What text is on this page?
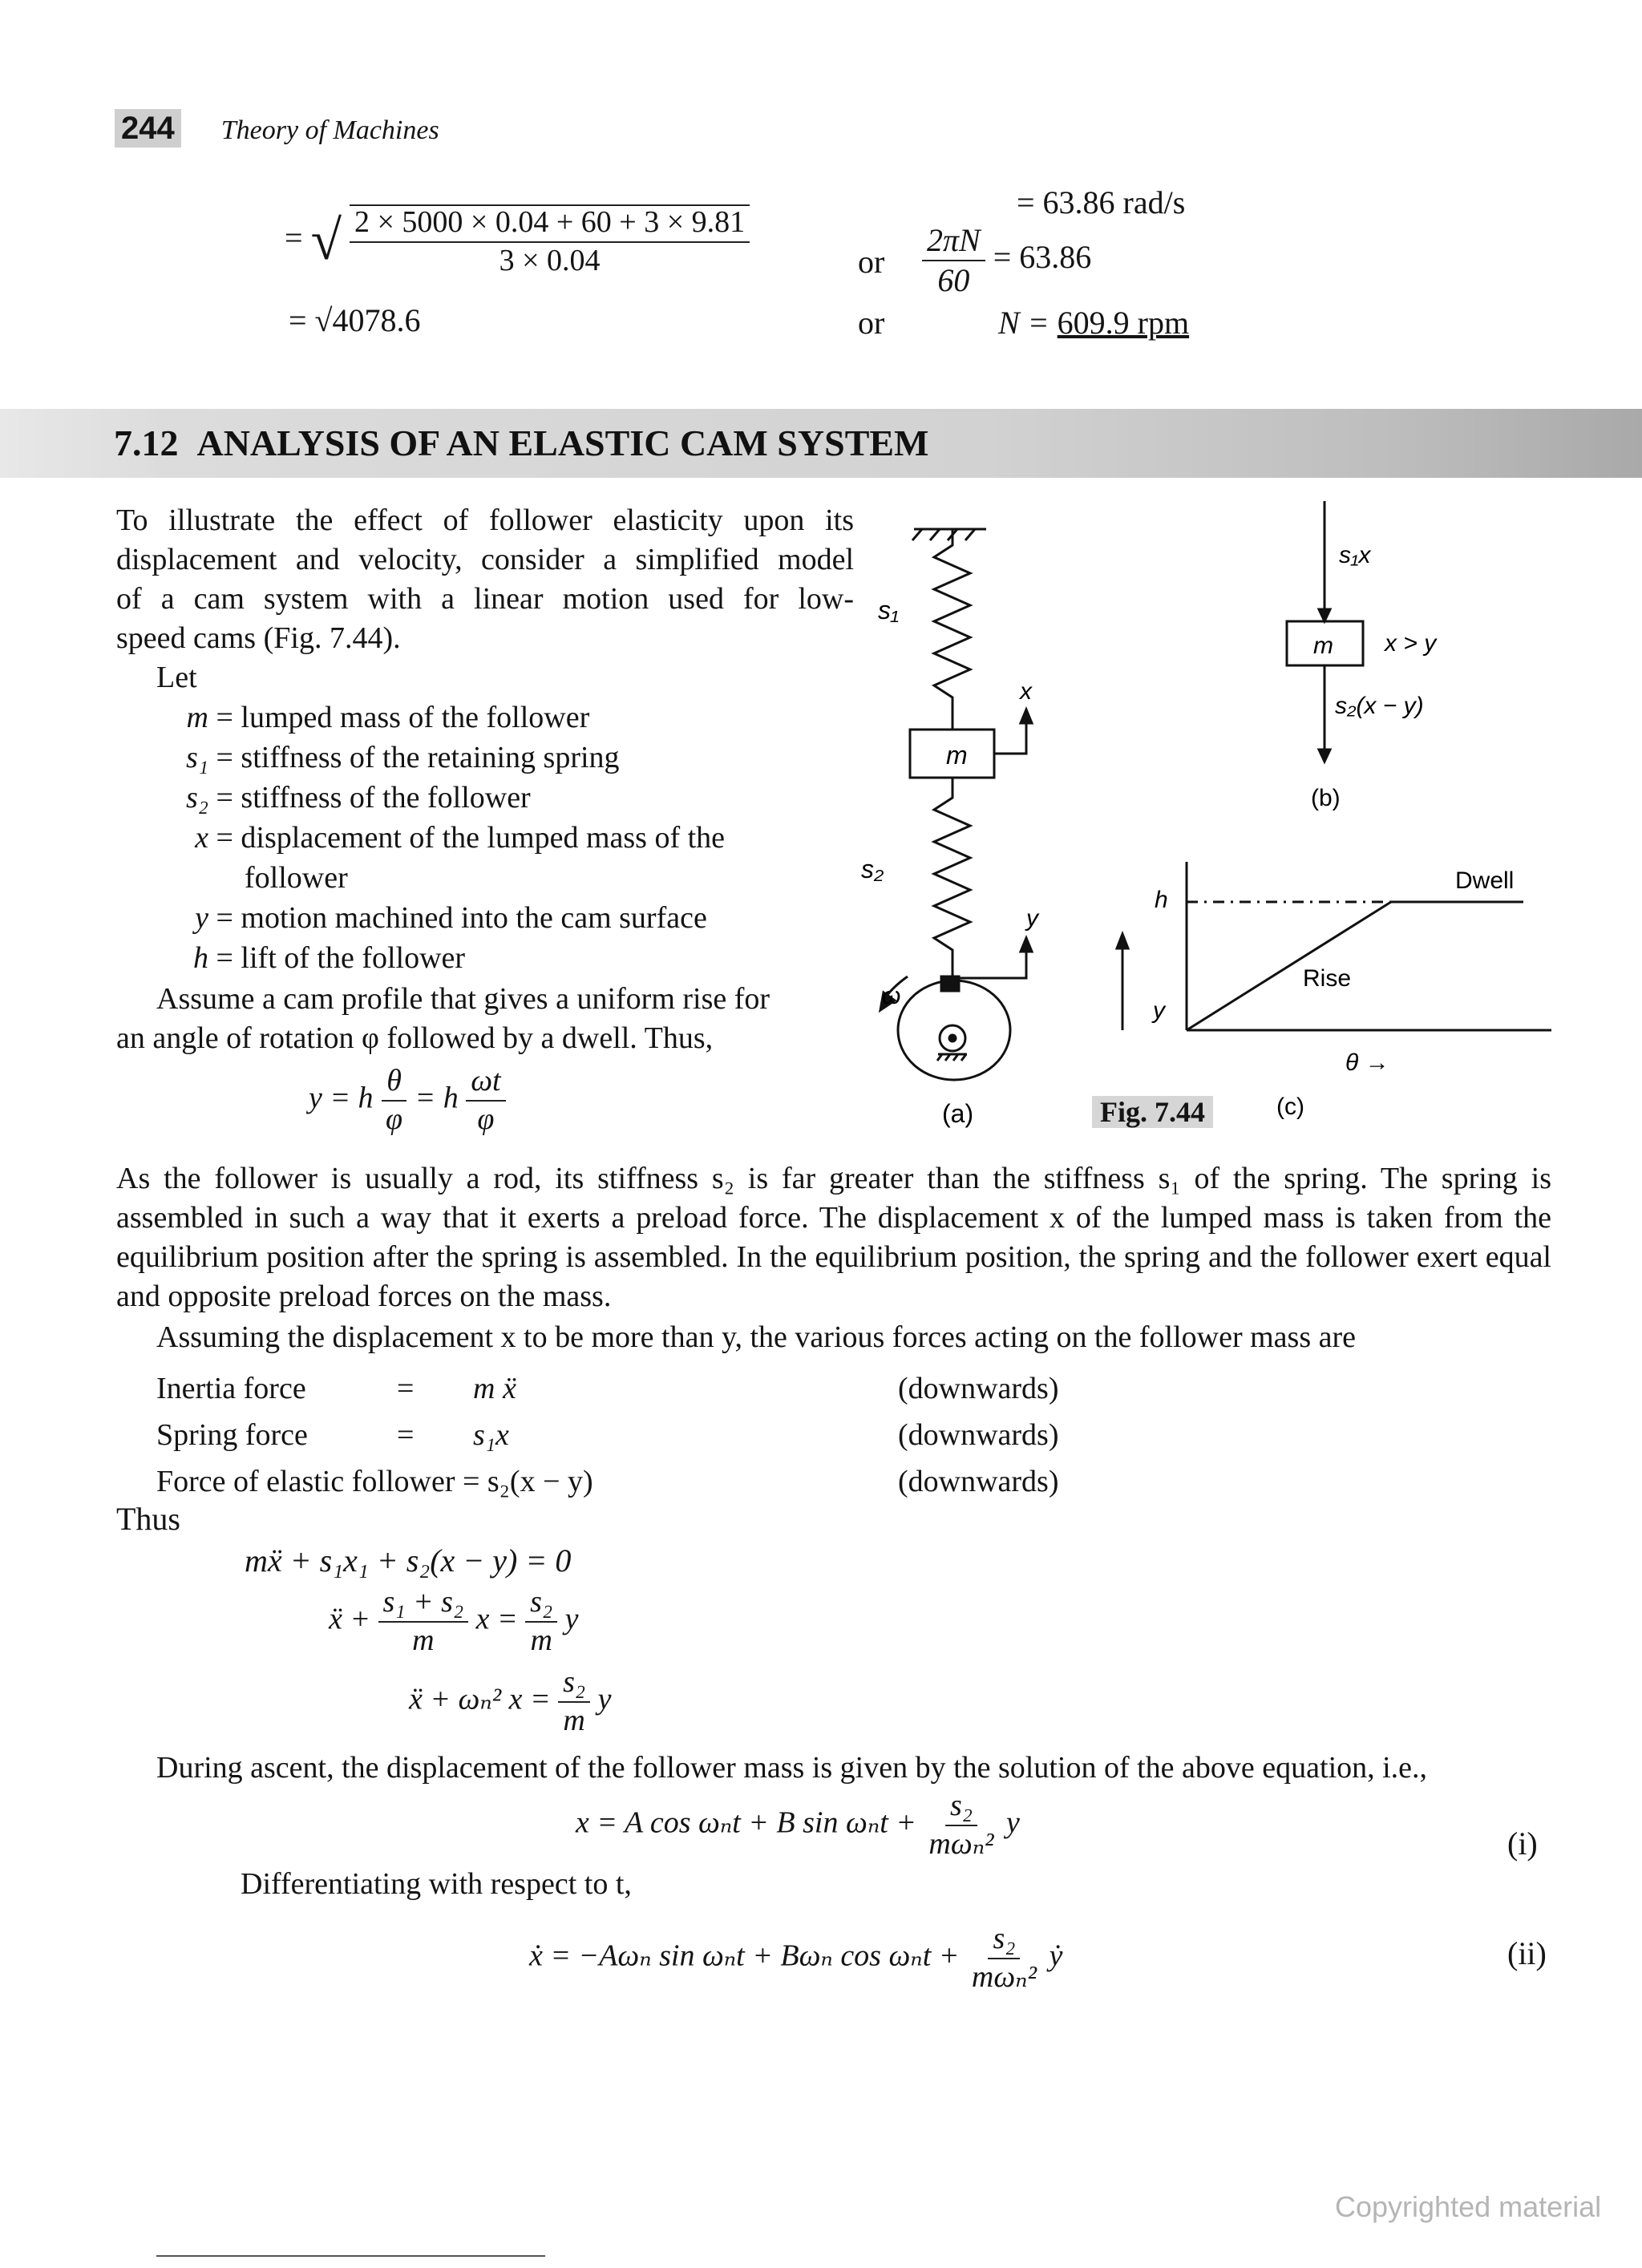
244 Theory of Machines
= √ $\frac{2 \times 5000 \times 0.04 + 60 + 3 \times 9.81}{3 \times 0.04}$
= √4078.6
= 63.86 rad/s
or $\frac{2\pi N}{60} = 63.86$
or	N = 609.9 rpm
7.12 ANALYSIS OF AN ELASTIC CAM SYSTEM
To illustrate the effect of follower elasticity upon its
displacement and velocity, consider a simplified model
of a cam system with a linear motion used for low-
speed cams (Fig. 7.44).
Let
m = lumped mass of the follower
s₁ = stiffness of the retaining spring
s₂ = stiffness of the follower
x = displacement of the lumped mass of the
follower
y = motion machined into the cam surface
h = lift of the follower
Assume a cam profile that gives a uniform rise for
an angle of rotation φ followed by a dwell. Thus,
y = h $\frac{\theta}{\varphi} = h \frac{\omega t}{\varphi}$
s₁
m
x
s₂
y
ω
(a)
s₁x
m x > y
s₂(x − y)
(b)
h
Dwell
Rise
y
θ →
(c)
Fig. 7.44
As the follower is usually a rod, its stiffness s₂ is far greater than the stiffness s₁ of the spring. The spring is assembled in such a way that it exerts a preload force. The displacement x of the lumped mass is taken from the equilibrium position after the spring is assembled. In the equilibrium position, the spring and the follower exert equal and opposite preload forces on the mass.
Assuming the displacement x to be more than y, the various forces acting on the follower mass are
Inertia force	=	m ẍ	(downwards)
Spring force	=	s₁x	(downwards)
Force of elastic follower = s₂(x − y)	(downwards)
Thus
mẍ + s₁x₁ + s₂(x − y) = 0
ẍ + $\frac{\text{s₁ + s₂}}{m}$ $x = \frac{\text{s₂}}{m}$ y
ẍ + ωₙ² $x = \frac{\text{s₂}}{m}$ y
During ascent, the displacement of the follower mass is given by the solution of the above equation, i.e.,
x = A cos ωₙt + B $\sin \omega_nt + \frac{\text{s₂}}{\text{mωₙ²}}$ y
(i)
Differentiating with respect to t,
ẋ = −Aωₙ sin ωₙt + Bωₙ $\cos \omega_nt + \frac{\text{s₂}}{\text{mωₙ²}}$ ẏ	(ii)
Copyrighted material
